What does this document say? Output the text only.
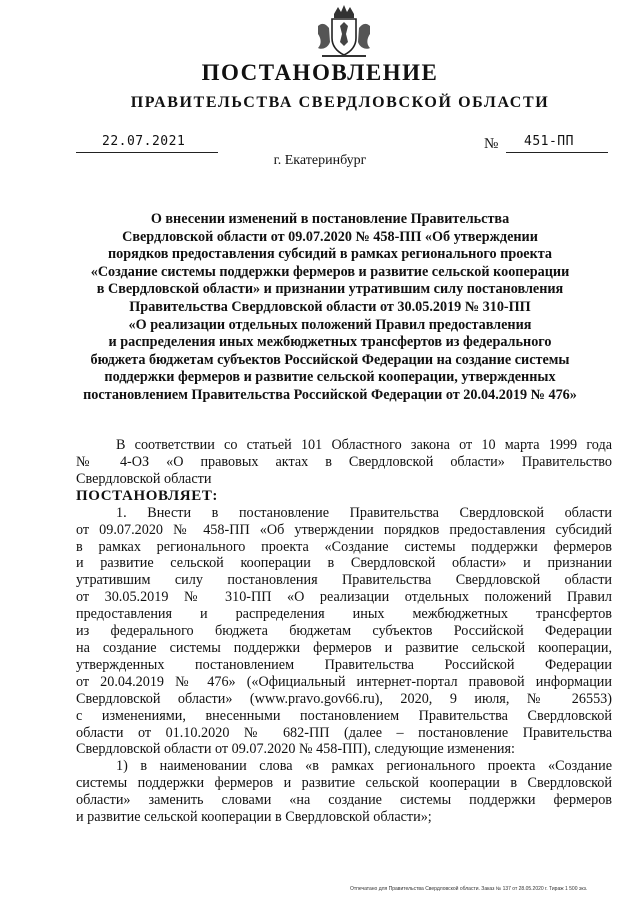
ПОСТАНОВЛЕНИЕ
ПРАВИТЕЛЬСТВА СВЕРДЛОВСКОЙ ОБЛАСТИ
22.07.2021	№ 451-ПП
г. Екатеринбург
О внесении изменений в постановление Правительства
Свердловской области от 09.07.2020 № 458-ПП «Об утверждении
порядков предоставления субсидий в рамках регионального проекта
«Создание системы поддержки фермеров и развитие сельской кооперации
в Свердловской области» и признании утратившим силу постановления
Правительства Свердловской области от 30.05.2019 № 310-ПП
«О реализации отдельных положений Правил предоставления
и распределения иных межбюджетных трансфертов из федерального
бюджета бюджетам субъектов Российской Федерации на создание системы
поддержки фермеров и развитие сельской кооперации, утвержденных
постановлением Правительства Российской Федерации от 20.04.2019 № 476»
В соответствии со статьей 101 Областного закона от 10 марта 1999 года
№ 4-ОЗ «О правовых актах в Свердловской области» Правительство
Свердловской области
ПОСТАНОВЛЯЕТ:
1. Внести в постановление Правительства Свердловской области
от 09.07.2020 № 458-ПП «Об утверждении порядков предоставления субсидий
в рамках регионального проекта «Создание системы поддержки фермеров
и развитие сельской кооперации в Свердловской области» и признании
утратившим силу постановления Правительства Свердловской области
от 30.05.2019 № 310-ПП «О реализации отдельных положений Правил
предоставления и распределения иных межбюджетных трансфертов
из федерального бюджета бюджетам субъектов Российской Федерации
на создание системы поддержки фермеров и развитие сельской кооперации,
утвержденных постановлением Правительства Российской Федерации
от 20.04.2019 № 476» («Официальный интернет-портал правовой информации
Свердловской области» (www.pravo.gov66.ru), 2020, 9 июля, № 26553)
с изменениями, внесенными постановлением Правительства Свердловской
области от 01.10.2020 № 682-ПП (далее – постановление Правительства
Свердловской области от 09.07.2020 № 458-ПП), следующие изменения:
1) в наименовании слова «в рамках регионального проекта «Создание
системы поддержки фермеров и развитие сельской кооперации в Свердловской
области» заменить словами «на создание системы поддержки фермеров
и развитие сельской кооперации в Свердловской области»;
Отпечатано для Правительства Свердловской области. Заказ № 137 от 28.05.2020 г. Тираж 1 500 экз.
